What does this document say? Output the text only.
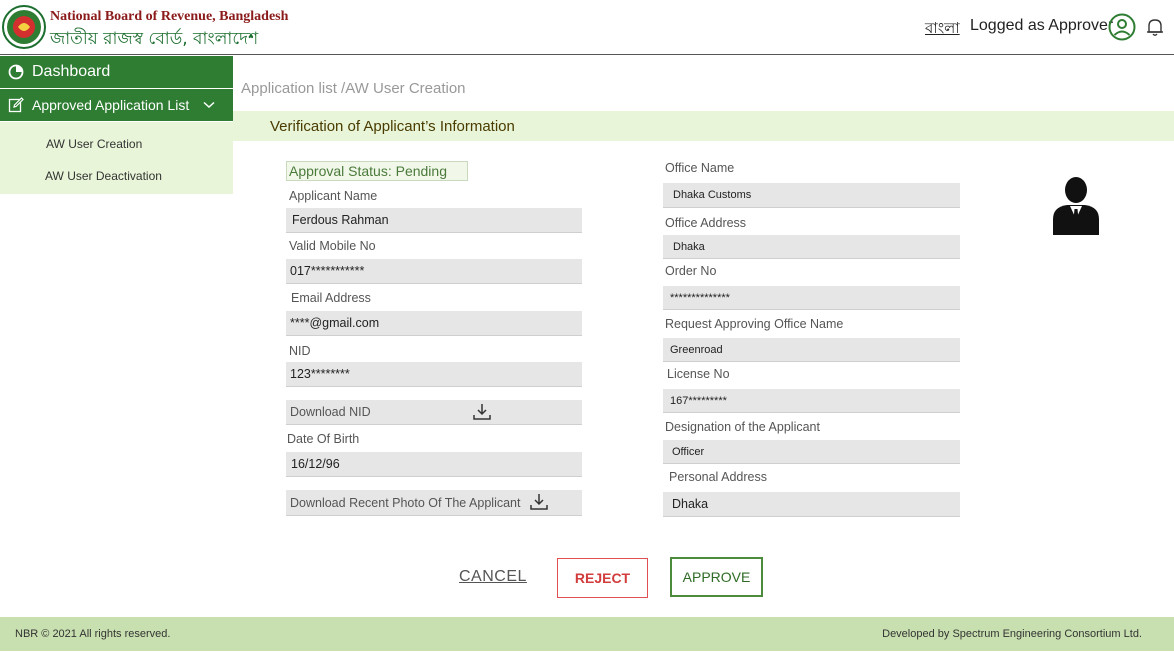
National Board of Revenue, Bangladesh
জাতীয় রাজস্ব বোর্ড, বাংলাদেশ
বাংলা Logged as Approver
Dashboard
Approved Application List
AW User Creation
AW User Deactivation
Application list /AW User Creation
Verification of Applicant’s Information
Approval Status: Pending
Applicant Name
Ferdous Rahman
Valid Mobile No
017***********
Email Address
****@gmail.com
NID
123********
Download NID
Date Of Birth
16/12/96
Download Recent Photo Of The Applicant
Office Name
Dhaka Customs
Office Address
Dhaka
Order No
**************
Request Approving Office Name
Greenroad
License No
167*********
Designation of the Applicant
Officer
Personal Address
Dhaka
CANCEL	REJECT	APPROVE
NBR © 2021 All rights reserved.	Developed by Spectrum Engineering Consortium Ltd.
